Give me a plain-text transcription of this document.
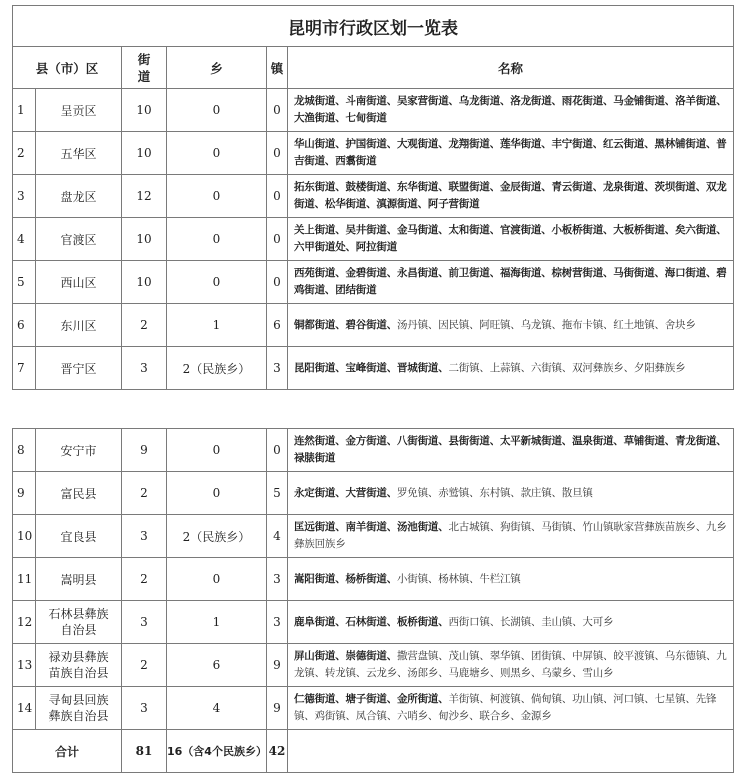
昆明市行政区划一览表					
县（市）区		街道	乡	镇	名称
1	呈贡区	10	0	0	龙城街道、斗南街道、吴家营街道、乌龙街道、洛龙街道、雨花街道、马金铺街道、洛羊街道、大渔街道、七甸街道
2	五华区	10	0	0	华山街道、护国街道、大观街道、龙翔街道、莲华街道、丰宁街道、红云街道、黑林铺街道、普吉街道、西翥街道
3	盘龙区	12	0	0	拓东街道、鼓楼街道、东华街道、联盟街道、金辰街道、青云街道、龙泉街道、茨坝街道、双龙街道、松华街道、滇源街道、阿子营街道
4	官渡区	10	0	0	关上街道、吴井街道、金马街道、太和街道、官渡街道、小板桥街道、大板桥街道、矣六街道、六甲街道处、阿拉街道
5	西山区	10	0	0	西苑街道、金碧街道、永昌街道、前卫街道、福海街道、棕树营街道、马街街道、海口街道、碧鸡街道、团结街道
6	东川区	2	1	6	铜都街道、碧谷街道、汤丹镇、因民镇、阿旺镇、乌龙镇、拖布卡镇、红土地镇、舍块乡
7	晋宁区	3	2（民族乡）	3	昆阳街道、宝峰街道、晋城街道、二街镇、上蒜镇、六街镇、双河彝族乡、夕阳彝族乡
8	安宁市	9	0	0	连然街道、金方街道、八街街道、县街街道、太平新城街道、温泉街道、草铺街道、青龙街道、禄脿街道
9	富民县	2	0	5	永定街道、大营街道、罗免镇、赤鹫镇、东村镇、款庄镇、散旦镇
10	宜良县	3	2（民族乡）	4	匡远街道、南羊街道、汤池街道、北古城镇、狗街镇、马街镇、竹山镇耿家营彝族苗族乡、九乡彝族回族乡
11	嵩明县	2	0	3	嵩阳街道、杨桥街道、小街镇、杨林镇、牛栏江镇
12	石林县彝族自治县	3	1	3	鹿阜街道、石林街道、板桥街道、西街口镇、长湖镇、圭山镇、大可乡
13	禄劝县彝族苗族自治县	2	6	9	屏山街道、崇德街道、撒营盘镇、茂山镇、翠华镇、团街镇、中屏镇、皎平渡镇、乌东德镇、九龙镇、转龙镇、云龙乡、汤郎乡、马鹿塘乡、则黑乡、乌蒙乡、雪山乡
14	寻甸县回族彝族自治县	3	4	9	仁德街道、塘子街道、金所街道、羊街镇、柯渡镇、倘甸镇、功山镇、河口镇、七星镇、先锋镇、鸡街镇、凤合镇、六哨乡、甸沙乡、联合乡、金源乡
合计		81	16（含4个民族乡）	42	
